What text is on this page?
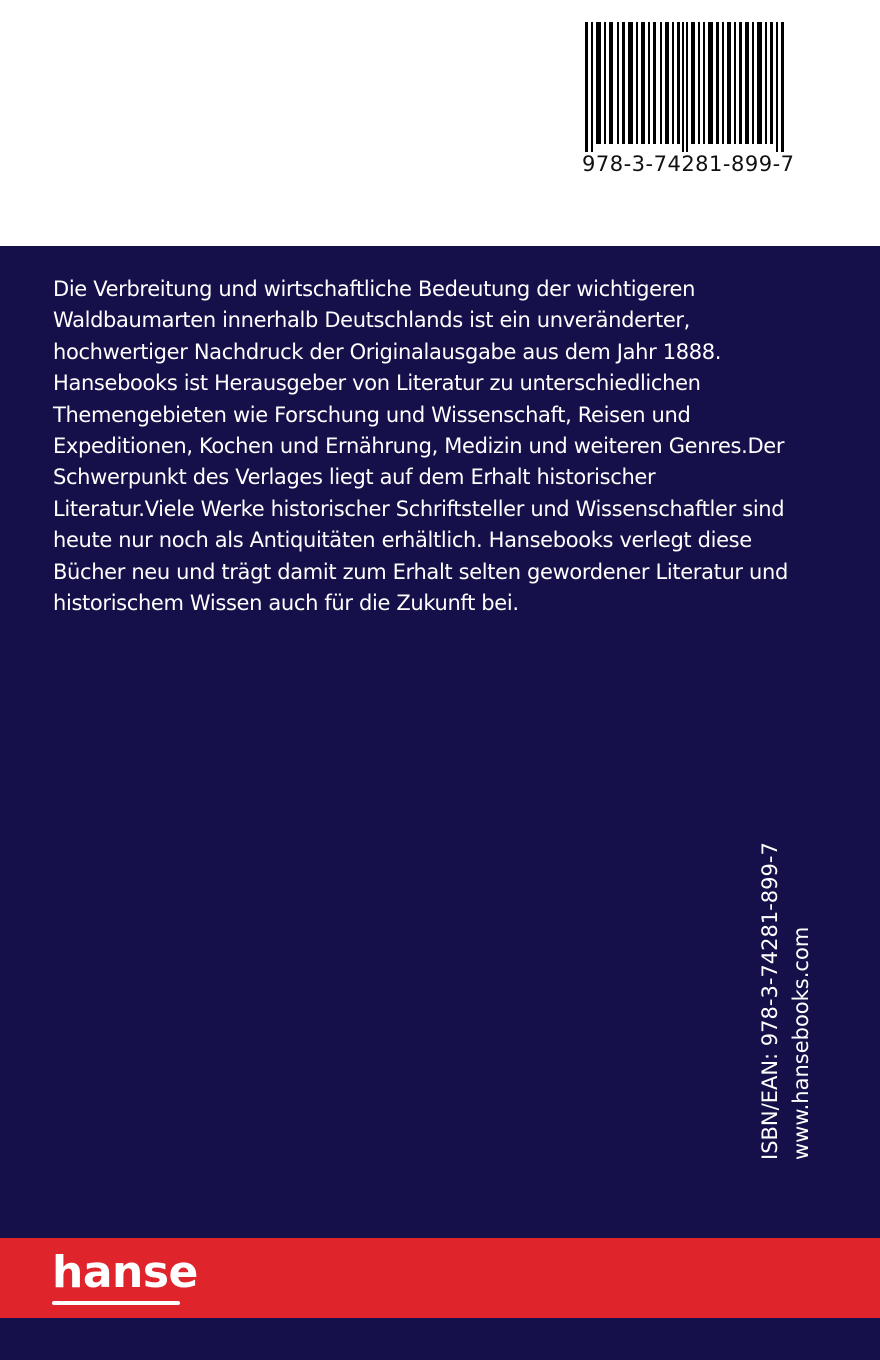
978-3-74281-899-7

Die Verbreitung und wirtschaftliche Bedeutung der wichtigeren Waldbaumarten innerhalb Deutschlands ist ein unveränderter, hochwertiger Nachdruck der Originalausgabe aus dem Jahr 1888. Hansebooks ist Herausgeber von Literatur zu unterschiedlichen Themengebieten wie Forschung und Wissenschaft, Reisen und Expeditionen, Kochen und Ernährung, Medizin und weiteren Genres.Der Schwerpunkt des Verlages liegt auf dem Erhalt historischer Literatur.Viele Werke historischer Schriftsteller und Wissenschaftler sind heute nur noch als Antiquitäten erhältlich. Hansebooks verlegt diese Bücher neu und trägt damit zum Erhalt selten gewordener Literatur und historischem Wissen auch für die Zukunft bei.

ISBN/EAN: 978-3-74281-899-7 www.hansebooks.com
hanse
